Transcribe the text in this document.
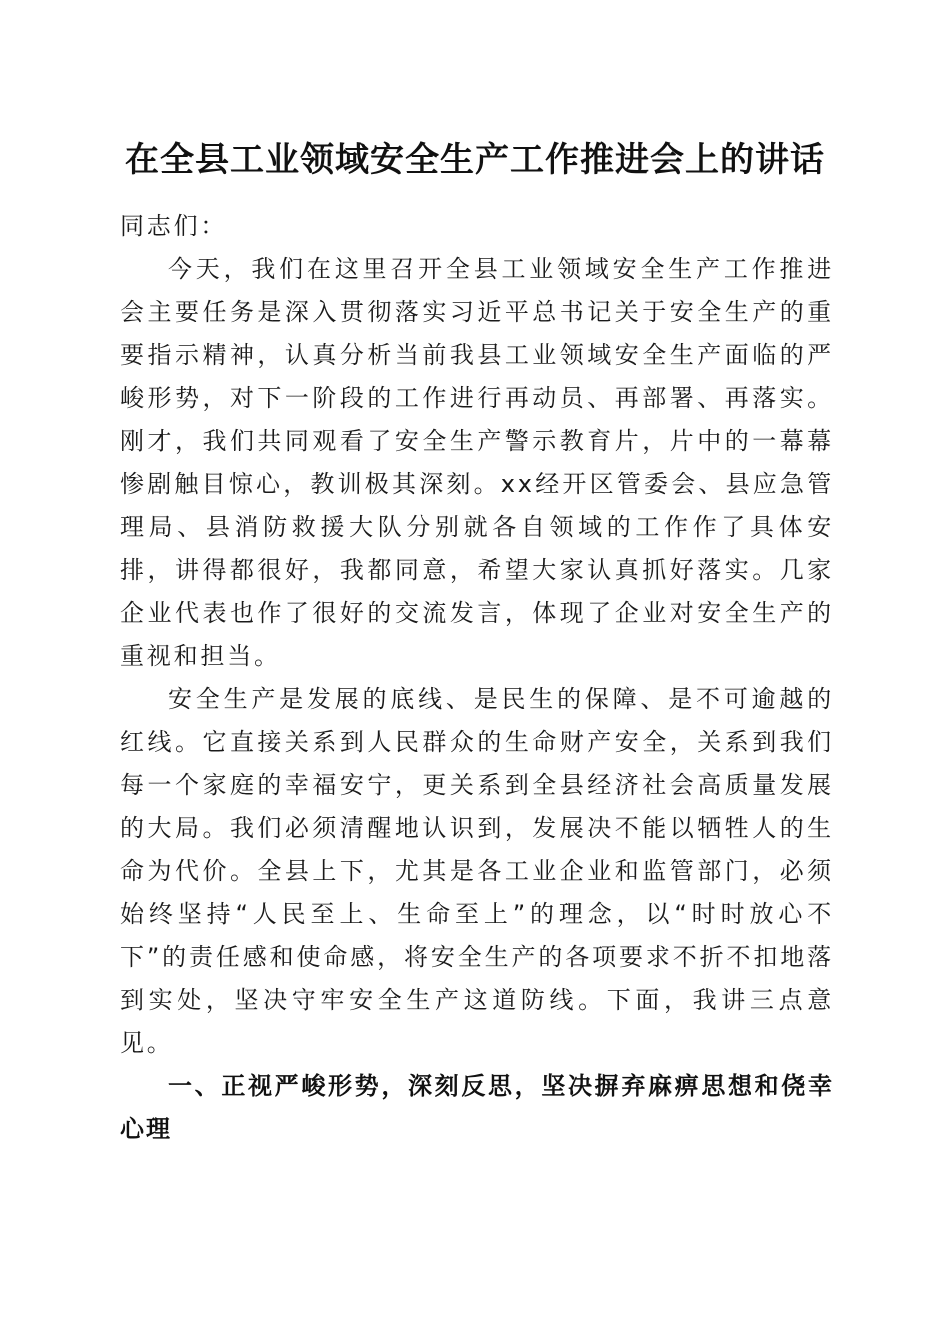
在全县工业领域安全生产工作推进会上的讲话

同志们：

今天，我们在这里召开全县工业领域安全生产工作推进会主要任务是深入贯彻落实习近平总书记关于安全生产的重要指示精神，认真分析当前我县工业领域安全生产面临的严峻形势，对下一阶段的工作进行再动员、再部署、再落实。刚才，我们共同观看了安全生产警示教育片，片中的一幕幕惨剧触目惊心，教训极其深刻。xx经开区管委会、县应急管理局、县消防救援大队分别就各自领域的工作作了具体安排，讲得都很好，我都同意，希望大家认真抓好落实。几家企业代表也作了很好的交流发言，体现了企业对安全生产的重视和担当。

安全生产是发展的底线、是民生的保障、是不可逾越的红线。它直接关系到人民群众的生命财产安全，关系到我们每一个家庭的幸福安宁，更关系到全县经济社会高质量发展的大局。我们必须清醒地认识到，发展决不能以牺牲人的生命为代价。全县上下，尤其是各工业企业和监管部门，必须始终坚持“人民至上、生命至上”的理念，以“时时放心不下”的责任感和使命感，将安全生产的各项要求不折不扣地落到实处，坚决守牢安全生产这道防线。下面，我讲三点意见。

一、正视严峻形势，深刻反思，坚决摒弃麻痹思想和侥幸心理
